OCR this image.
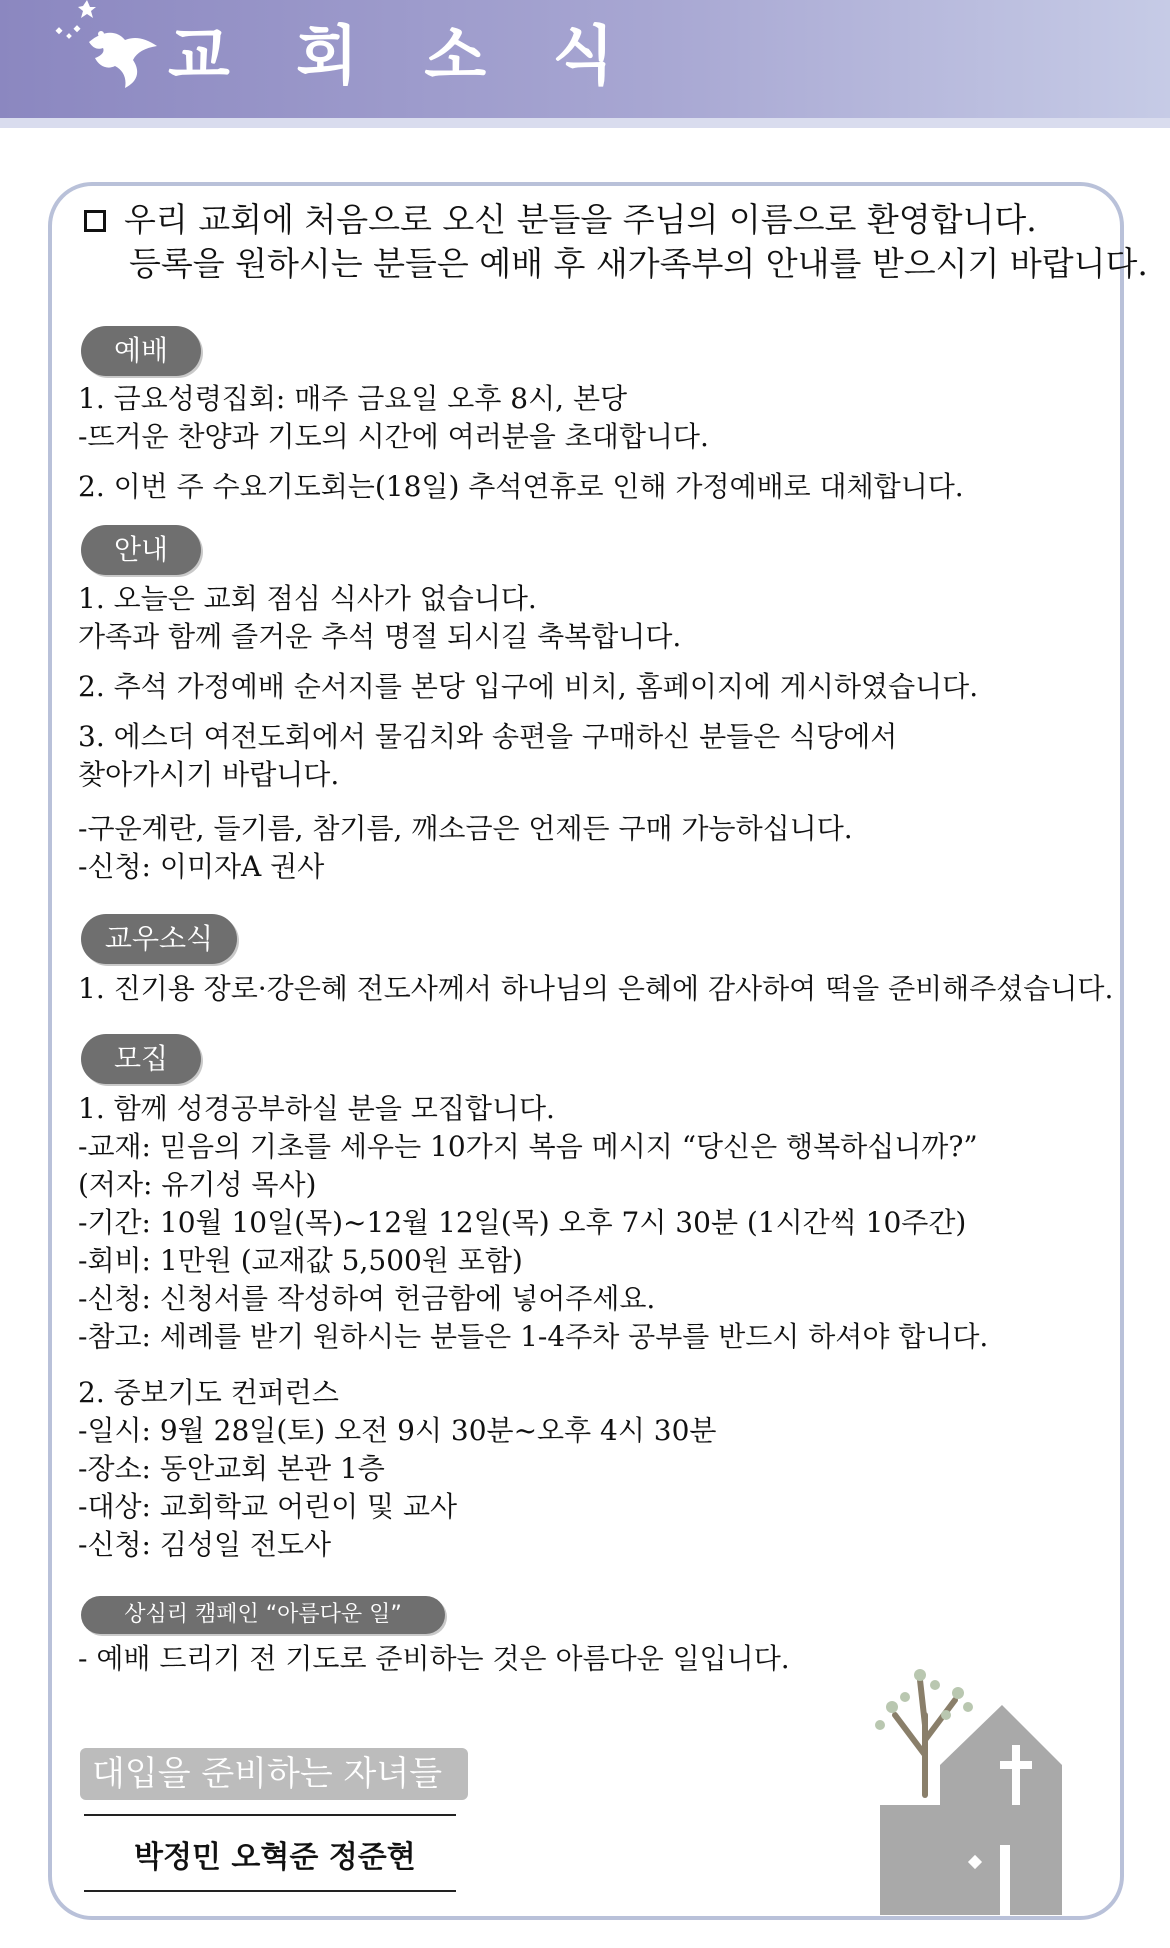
교 회 소 식
우리 교회에 처음으로 오신 분들을 주님의 이름으로 환영합니다.
등록을 원하시는 분들은 예배 후 새가족부의 안내를 받으시기 바랍니다.
예배
1. 금요성령집회: 매주 금요일 오후 8시, 본당
-뜨거운 찬양과 기도의 시간에 여러분을 초대합니다.
2. 이번 주 수요기도회는(18일) 추석연휴로 인해 가정예배로 대체합니다.
안내
1. 오늘은 교회 점심 식사가 없습니다.
가족과 함께 즐거운 추석 명절 되시길 축복합니다.
2. 추석 가정예배 순서지를 본당 입구에 비치, 홈페이지에 게시하였습니다.
3. 에스더 여전도회에서 물김치와 송편을 구매하신 분들은 식당에서
찾아가시기 바랍니다.
-구운계란, 들기름, 참기름, 깨소금은 언제든 구매 가능하십니다.
-신청: 이미자A 권사
교우소식
1. 진기용 장로·강은혜 전도사께서 하나님의 은혜에 감사하여 떡을 준비해주셨습니다.
모집
1. 함께 성경공부하실 분을 모집합니다.
-교재: 믿음의 기초를 세우는 10가지 복음 메시지 “당신은 행복하십니까?”
(저자: 유기성 목사)
-기간: 10월 10일(목)~12월 12일(목) 오후 7시 30분 (1시간씩 10주간)
-회비: 1만원 (교재값 5,500원 포함)
-신청: 신청서를 작성하여 헌금함에 넣어주세요.
-참고: 세례를 받기 원하시는 분들은 1-4주차 공부를 반드시 하셔야 합니다.
2. 중보기도 컨퍼런스
-일시: 9월 28일(토) 오전 9시 30분~오후 4시 30분
-장소: 동안교회 본관 1층
-대상: 교회학교 어린이 및 교사
-신청: 김성일 전도사
상심리 캠페인 “아름다운 일”
- 예배 드리기 전 기도로 준비하는 것은 아름다운 일입니다.
대입을 준비하는 자녀들
박정민 오혁준 정준현
